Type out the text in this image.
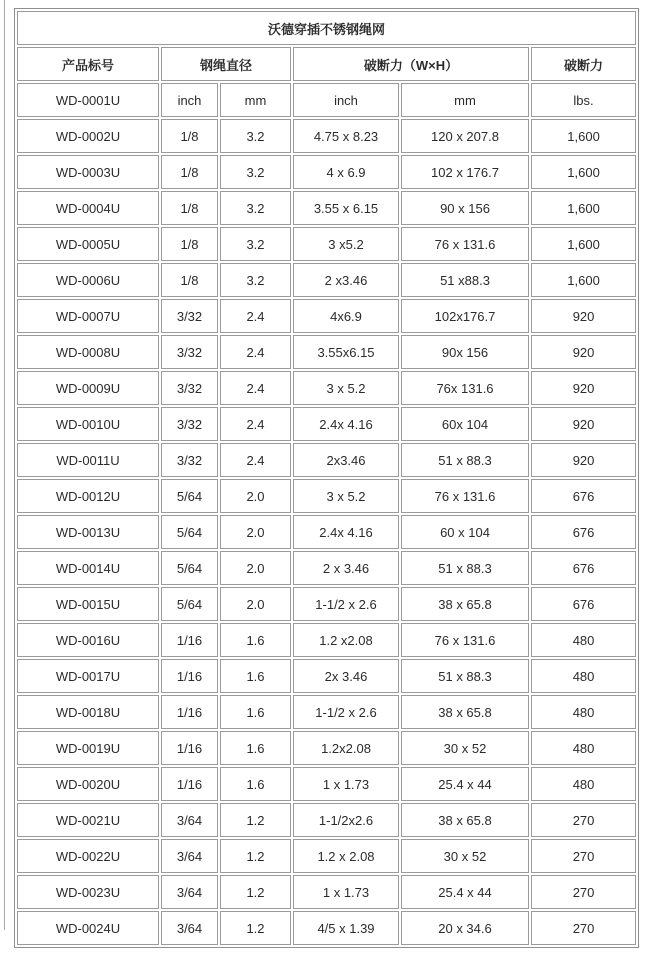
沃德穿插不锈钢绳网					
产品标号	钢绳直径		破断力（W×H）		破断力
WD-0001U	inch	mm	inch	mm	lbs.
WD-0002U	1/8	3.2	4.75 x 8.23	120 x 207.8	1,600
WD-0003U	1/8	3.2	4 x 6.9	102 x 176.7	1,600
WD-0004U	1/8	3.2	3.55 x 6.15	90 x 156	1,600
WD-0005U	1/8	3.2	3 x5.2	76 x 131.6	1,600
WD-0006U	1/8	3.2	2 x3.46	51 x88.3	1,600
WD-0007U	3/32	2.4	4x6.9	102x176.7	920
WD-0008U	3/32	2.4	3.55x6.15	90x 156	920
WD-0009U	3/32	2.4	3 x 5.2	76x 131.6	920
WD-0010U	3/32	2.4	2.4x 4.16	60x 104	920
WD-0011U	3/32	2.4	2x3.46	51 x 88.3	920
WD-0012U	5/64	2.0	3 x 5.2	76 x 131.6	676
WD-0013U	5/64	2.0	2.4x 4.16	60 x 104	676
WD-0014U	5/64	2.0	2 x 3.46	51 x 88.3	676
WD-0015U	5/64	2.0	1-1/2 x 2.6	38 x 65.8	676
WD-0016U	1/16	1.6	1.2 x2.08	76 x 131.6	480
WD-0017U	1/16	1.6	2x 3.46	51 x 88.3	480
WD-0018U	1/16	1.6	1-1/2 x 2.6	38 x 65.8	480
WD-0019U	1/16	1.6	1.2x2.08	30 x 52	480
WD-0020U	1/16	1.6	1 x 1.73	25.4 x 44	480
WD-0021U	3/64	1.2	1-1/2x2.6	38 x 65.8	270
WD-0022U	3/64	1.2	1.2 x 2.08	30 x 52	270
WD-0023U	3/64	1.2	1 x 1.73	25.4 x 44	270
WD-0024U	3/64	1.2	4/5 x 1.39	20 x 34.6	270
